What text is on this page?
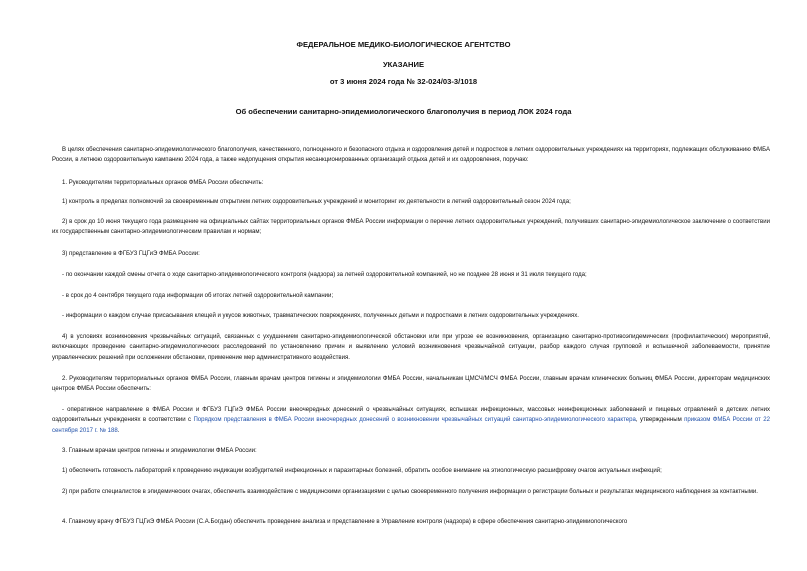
ФЕДЕРАЛЬНОЕ МЕДИКО-БИОЛОГИЧЕСКОЕ АГЕНТСТВО
УКАЗАНИЕ
от 3 июня 2024 года № 32-024/03-3/1018
Об обеспечении санитарно-эпидемиологического благополучия в период ЛОК 2024 года
В целях обеспечения санитарно-эпидемиологического благополучия, качественного, полноценного и безопасного отдыха и оздоровления детей и подростков в летних оздоровительных учреждениях на территориях, подлежащих обслуживанию ФМБА России, в летнюю оздоровительную кампанию 2024 года, а также недопущения открытия несанкционированных организаций отдыха детей и их оздоровления, поручаю:
1. Руководителям территориальных органов ФМБА России обеспечить:
1) контроль в пределах полномочий за своевременным открытием летних оздоровительных учреждений и мониторинг их деятельности в летний оздоровительный сезон 2024 года;
2) в срок до 10 июня текущего года размещение на официальных сайтах территориальных органов ФМБА России информации о перечне летних оздоровительных учреждений, получивших санитарно-эпидемиологическое заключение о соответствии их государственным санитарно-эпидемиологическим правилам и нормам;
3) представление в ФГБУЗ ГЦГиЭ ФМБА России:
- по окончании каждой смены отчета о ходе санитарно-эпидемиологического контроля (надзора) за летней оздоровительной компанией, но не позднее 28 июня и 31 июля текущего года;
- в срок до 4 сентября текущего года информации об итогах летней оздоровительной кампании;
- информации о каждом случае присасывания клещей и укусов животных, травматических повреждениях, полученных детьми и подростками в летних оздоровительных учреждениях.
4) в условиях возникновения чрезвычайных ситуаций, связанных с ухудшением санитарно-эпидемиологической обстановки или при угрозе ее возникновения, организацию санитарно-противоэпидемических (профилактических) мероприятий, включающих проведение санитарно-эпидемиологических расследований по установлению причин и выявлению условий возникновения чрезвычайной ситуации, разбор каждого случая групповой и вспышечной заболеваемости, принятие управленческих решений при осложнении обстановки, применение мер административного воздействия.
2. Руководителям территориальных органов ФМБА России, главным врачам центров гигиены и эпидемиологии ФМБА России, начальникам ЦМСЧ/МСЧ ФМБА России, главным врачам клинических больниц ФМБА России, директорам медицинских центров ФМБА России обеспечить:
- оперативное направление в ФМБА России и ФГБУЗ ГЦГиЭ ФМБА России внеочередных донесений о чрезвычайных ситуациях, вспышках инфекционных, массовых неинфекционных заболеваний и пищевых отравлений в детских летних оздоровительных учреждениях в соответствии с Порядком представления в ФМБА России внеочередных донесений о возникновении чрезвычайных ситуаций санитарно-эпидемиологического характера, утвержденным приказом ФМБА России от 22 сентября 2017 г. № 188.
3. Главным врачам центров гигиены и эпидемиологии ФМБА России:
1) обеспечить готовность лабораторий к проведению индикации возбудителей инфекционных и паразитарных болезней, обратить особое внимание на этиологическую расшифровку очагов актуальных инфекций;
2) при работе специалистов в эпидемических очагах, обеспечить взаимодействие с медицинскими организациями с целью своевременного получения информации о регистрации больных и результатах медицинского наблюдения за контактными.
4. Главному врачу ФГБУЗ ГЦГиЭ ФМБА России (С.А.Богдан) обеспечить проведение анализа и представление в Управление контроля (надзора) в сфере обеспечения санитарно-эпидемиологического
